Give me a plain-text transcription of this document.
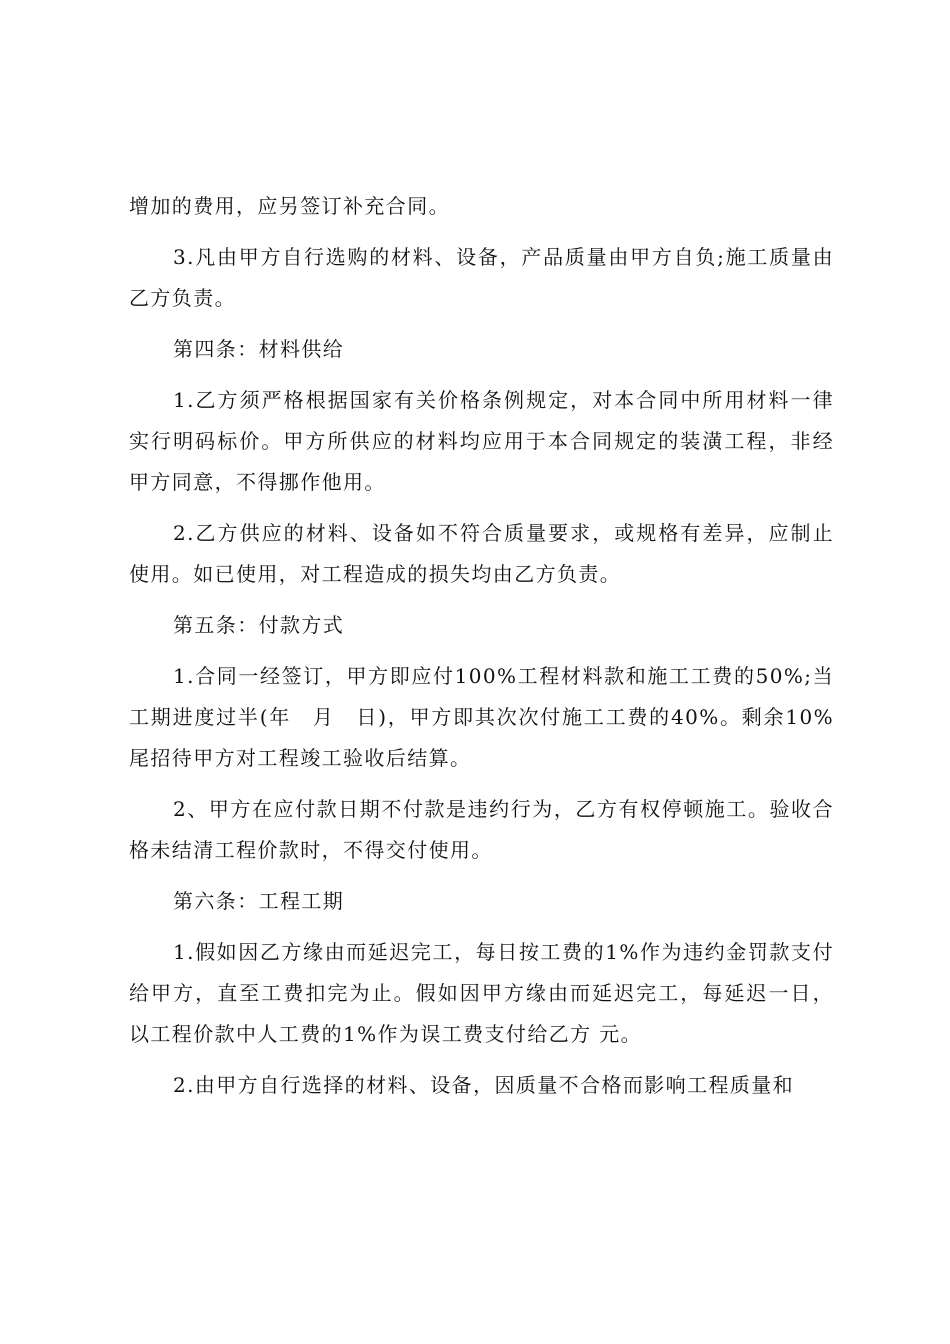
增加的费用，应另签订补充合同。

3.凡由甲方自行选购的材料、设备，产品质量由甲方自负;施工质量由乙方负责。

第四条：材料供给

1.乙方须严格根据国家有关价格条例规定，对本合同中所用材料一律实行明码标价。甲方所供应的材料均应用于本合同规定的装潢工程，非经甲方同意，不得挪作他用。

2.乙方供应的材料、设备如不符合质量要求，或规格有差异，应制止使用。如已使用，对工程造成的损失均由乙方负责。

第五条：付款方式

1.合同一经签订，甲方即应付100%工程材料款和施工工费的50%;当工期进度过半(年　月　日)，甲方即其次次付施工工费的40%。剩余10%尾招待甲方对工程竣工验收后结算。

2、甲方在应付款日期不付款是违约行为，乙方有权停顿施工。验收合格未结清工程价款时，不得交付使用。

第六条：工程工期

1.假如因乙方缘由而延迟完工，每日按工费的1%作为违约金罚款支付给甲方，直至工费扣完为止。假如因甲方缘由而延迟完工，每延迟一日，以工程价款中人工费的1%作为误工费支付给乙方 元。

2.由甲方自行选择的材料、设备，因质量不合格而影响工程质量和
